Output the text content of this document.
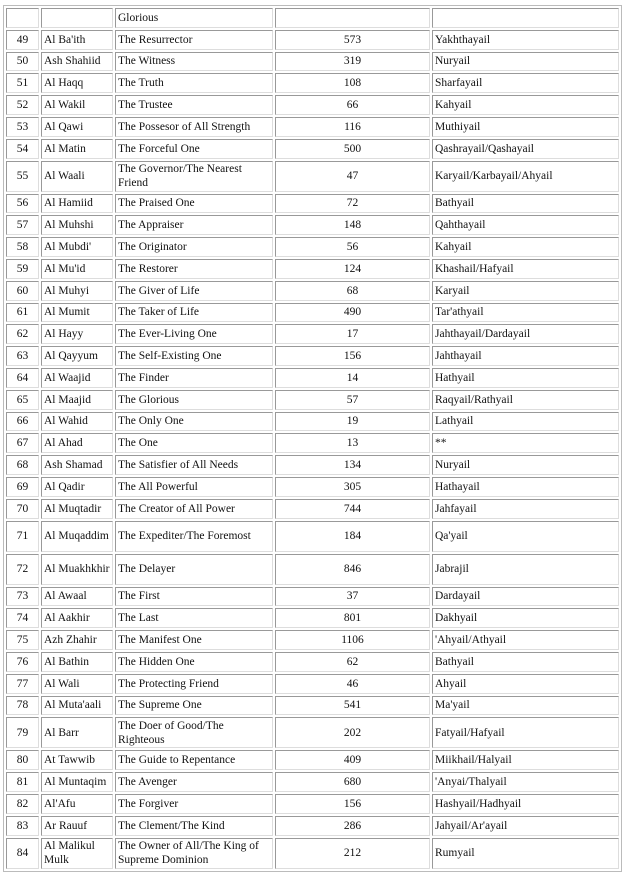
		Glorious		
49	Al Ba'ith	The Resurrector	573	Yakhthayail
50	Ash Shahiid	The Witness	319	Nuryail
51	Al Haqq	The Truth	108	Sharfayail
52	Al Wakil	The Trustee	66	Kahyail
53	Al Qawi	The Possesor of All Strength	116	Muthiyail
54	Al Matin	The Forceful One	500	Qashrayail/Qashayail
55	Al Waali	The Governor/The Nearest Friend	47	Karyail/Karbayail/Ahyail
56	Al Hamiid	The Praised One	72	Bathyail
57	Al Muhshi	The Appraiser	148	Qahthayail
58	Al Mubdi'	The Originator	56	Kahyail
59	Al Mu'id	The Restorer	124	Khashail/Hafyail
60	Al Muhyi	The Giver of Life	68	Karyail
61	Al Mumit	The Taker of Life	490	Tar'athyail
62	Al Hayy	The Ever-Living One	17	Jahthayail/Dardayail
63	Al Qayyum	The Self-Existing One	156	Jahthayail
64	Al Waajid	The Finder	14	Hathyail
65	Al Maajid	The Glorious	57	Raqyail/Rathyail
66	Al Wahid	The Only One	19	Lathyail
67	Al Ahad	The One	13	**
68	Ash Shamad	The Satisfier of All Needs	134	Nuryail
69	Al Qadir	The All Powerful	305	Hathayail
70	Al Muqtadir	The Creator of All Power	744	Jahfayail
71	Al Muqaddim	The Expediter/The Foremost	184	Qa'yail
72	Al Muakhkhir	The Delayer	846	Jabrajil
73	Al Awaal	The First	37	Dardayail
74	Al Aakhir	The Last	801	Dakhyail
75	Azh Zhahir	The Manifest One	1106	'Ahyail/Athyail
76	Al Bathin	The Hidden One	62	Bathyail
77	Al Wali	The Protecting Friend	46	Ahyail
78	Al Muta'aali	The Supreme One	541	Ma'yail
79	Al Barr	The Doer of Good/The Righteous	202	Fatyail/Hafyail
80	At Tawwib	The Guide to Repentance	409	Miikhail/Halyail
81	Al Muntaqim	The Avenger	680	'Anyai/Thalyail
82	Al'Afu	The Forgiver	156	Hashyail/Hadhyail
83	Ar Rauuf	The Clement/The Kind	286	Jahyail/Ar'ayail
84	Al Malikul Mulk	The Owner of All/The King of Supreme Dominion	212	Rumyail
